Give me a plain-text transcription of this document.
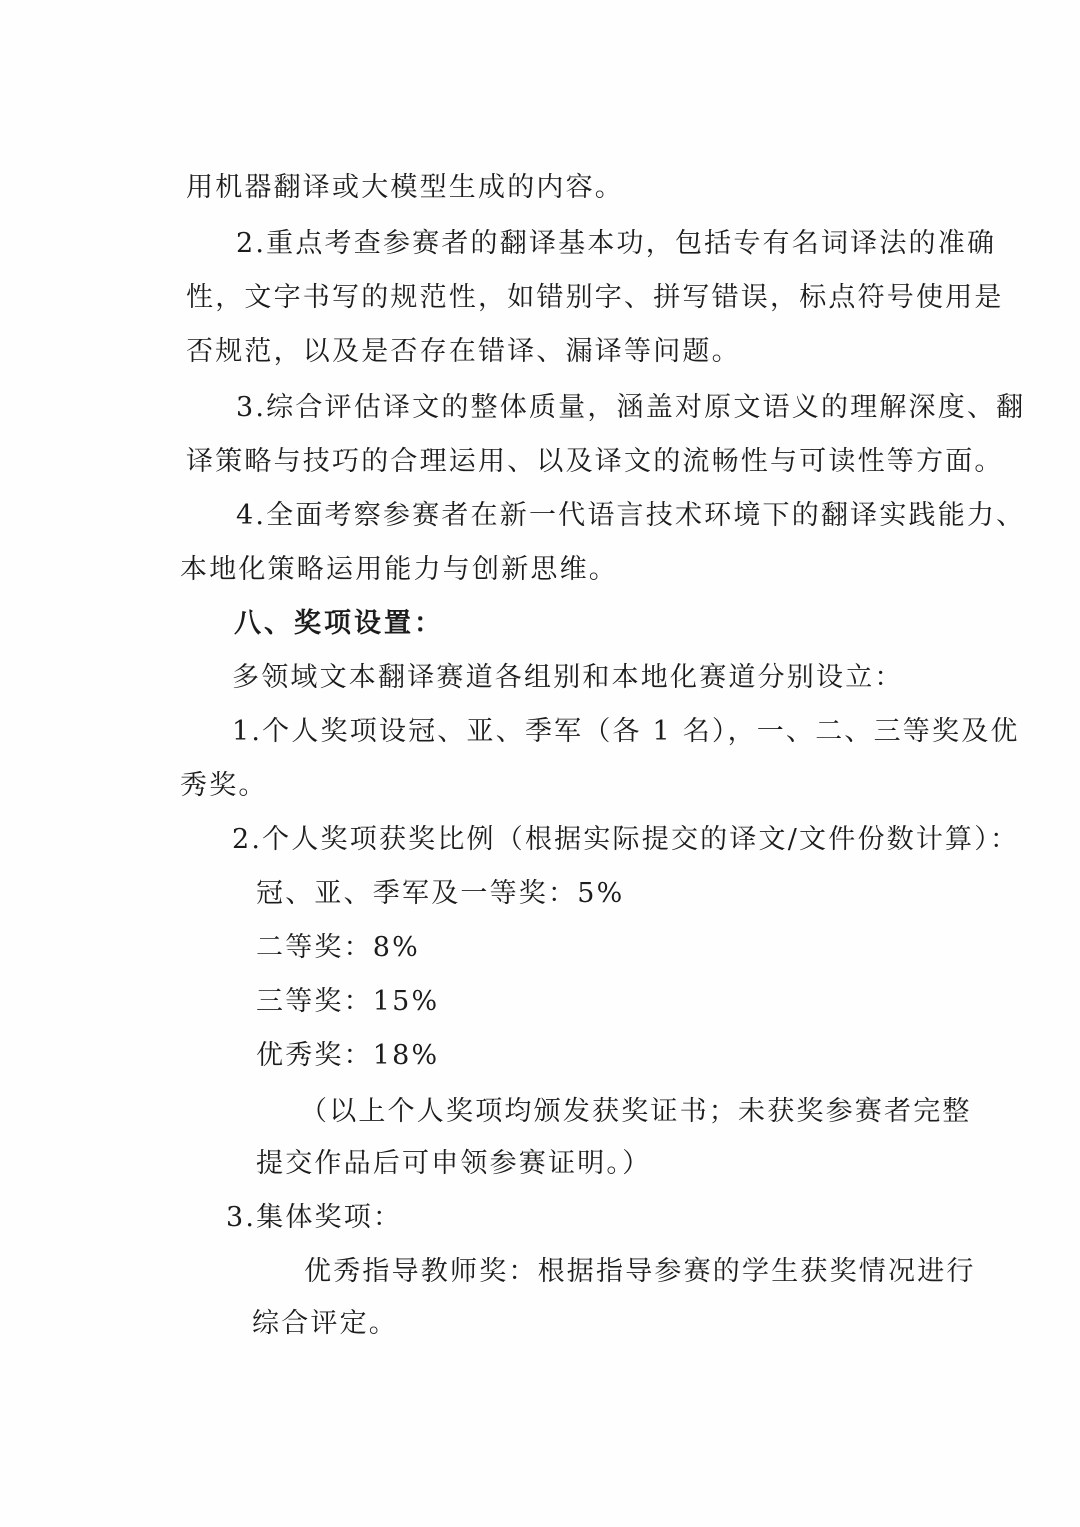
用机器翻译或大模型生成的内容。
2.重点考查参赛者的翻译基本功，包括专有名词译法的准确
性，文字书写的规范性，如错别字、拼写错误，标点符号使用是
否规范，以及是否存在错译、漏译等问题。
3.综合评估译文的整体质量，涵盖对原文语义的理解深度、翻
译策略与技巧的合理运用、以及译文的流畅性与可读性等方面。
4.全面考察参赛者在新一代语言技术环境下的翻译实践能力、
本地化策略运用能力与创新思维。
八、奖项设置：
多领域文本翻译赛道各组别和本地化赛道分别设立：
1.个人奖项设冠、亚、季军（各 1 名），一、二、三等奖及优
秀奖。
2.个人奖项获奖比例（根据实际提交的译文/文件份数计算）：
冠、亚、季军及一等奖：5%
二等奖：8%
三等奖：15%
优秀奖：18%
（以上个人奖项均颁发获奖证书；未获奖参赛者完整
提交作品后可申领参赛证明。）
3.集体奖项：
优秀指导教师奖：根据指导参赛的学生获奖情况进行
综合评定。
